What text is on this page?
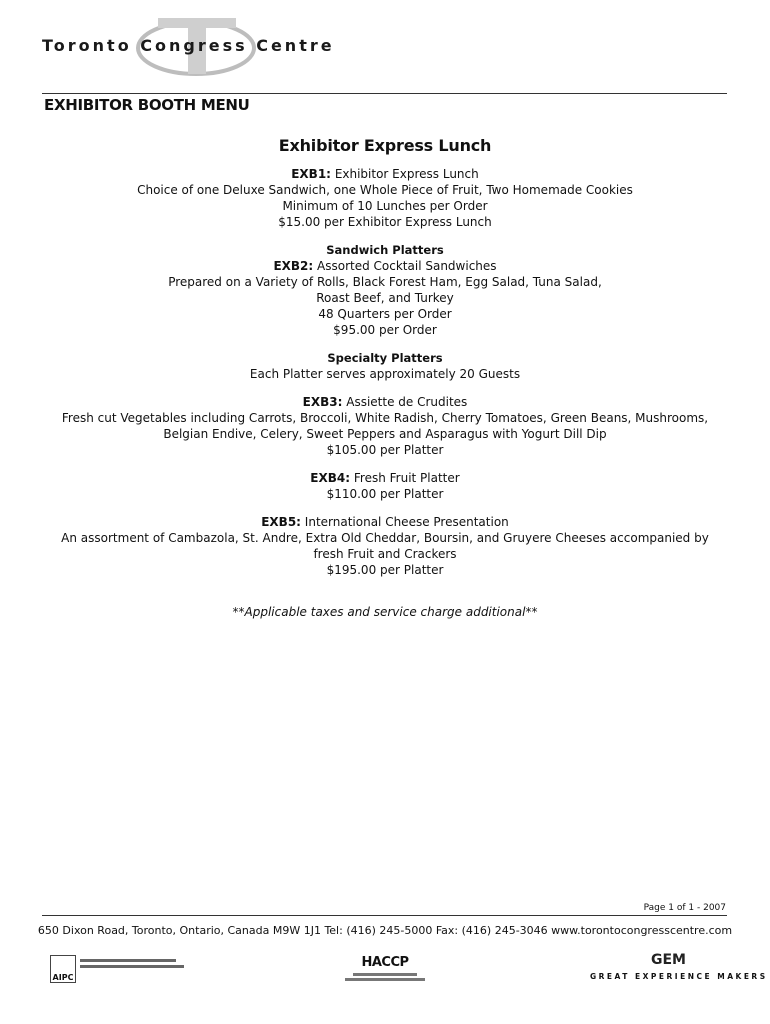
Toronto Congress Centre
EXHIBITOR BOOTH MENU

Exhibitor Express Lunch

EXB1: Exhibitor Express Lunch

Choice of one Deluxe Sandwich, one Whole Piece of Fruit, Two Homemade Cookies

Minimum of 10 Lunches per Order

$15.00 per Exhibitor Express Lunch

Sandwich Platters

EXB2: Assorted Cocktail Sandwiches

Prepared on a Variety of Rolls, Black Forest Ham, Egg Salad, Tuna Salad,

Roast Beef, and Turkey

48 Quarters per Order

$95.00 per Order

Specialty Platters

Each Platter serves approximately 20 Guests

EXB3: Assiette de Crudites

Fresh cut Vegetables including Carrots, Broccoli, White Radish, Cherry Tomatoes, Green Beans, Mushrooms,

Belgian Endive, Celery, Sweet Peppers and Asparagus with Yogurt Dill Dip

$105.00 per Platter

EXB4: Fresh Fruit Platter

$110.00 per Platter

EXB5: International Cheese Presentation

An assortment of Cambazola, St. Andre, Extra Old Cheddar, Boursin, and Gruyere Cheeses accompanied by

fresh Fruit and Crackers

$195.00 per Platter

**Applicable taxes and service charge additional**

Page 1 of 1 - 2007
650 Dixon Road, Toronto, Ontario, Canada M9W 1J1 Tel: (416) 245-5000 Fax: (416) 245-3046 www.torontocongresscentre.com
AIPC
HACCP	GEM
GREAT EXPERIENCE MAKERS
